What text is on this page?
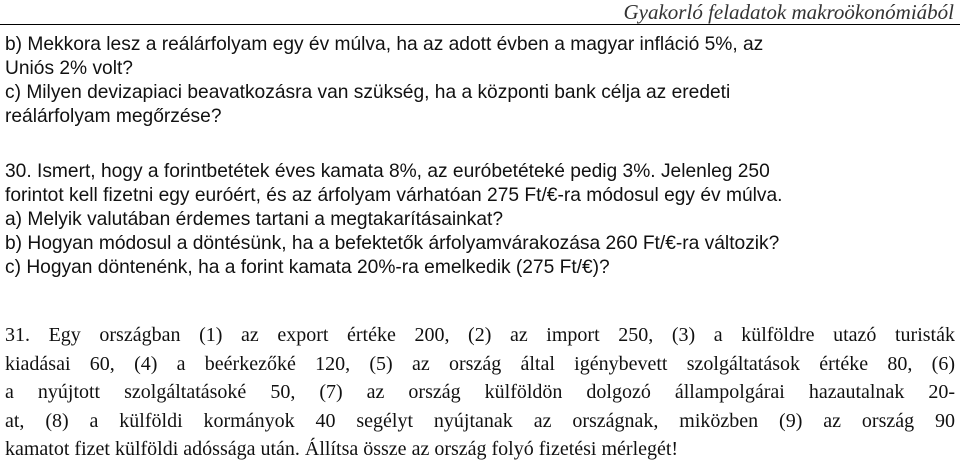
Gyakorló feladatok makroökonómiából
b) Mekkora lesz a reálárfolyam egy év múlva, ha az adott évben a magyar infláció 5%, az
Uniós 2% volt?
c) Milyen devizapiaci beavatkozásra van szükség, ha a központi bank célja az eredeti
reálárfolyam megőrzése?
30. Ismert, hogy a forintbetétek éves kamata 8%, az euróbetéteké pedig 3%. Jelenleg 250
forintot kell fizetni egy euróért, és az árfolyam várhatóan 275 Ft/€-ra módosul egy év múlva.
a) Melyik valutában érdemes tartani a megtakarításainkat?
b) Hogyan módosul a döntésünk, ha a befektetők árfolyamvárakozása 260 Ft/€-ra változik?
c) Hogyan döntenénk, ha a forint kamata 20%-ra emelkedik (275 Ft/€)?
31. Egy országban (1) az export értéke 200, (2) az import 250, (3) a külföldre utazó turisták
kiadásai 60, (4) a beérkezőké 120, (5) az ország által igénybevett szolgáltatások értéke 80, (6)
a nyújtott szolgáltatásoké 50, (7) az ország külföldön dolgozó állampolgárai hazautalnak 20-
at, (8) a külföldi kormányok 40 segélyt nyújtanak az országnak, miközben (9) az ország 90
kamatot fizet külföldi adóssága után. Állítsa össze az ország folyó fizetési mérlegét!
